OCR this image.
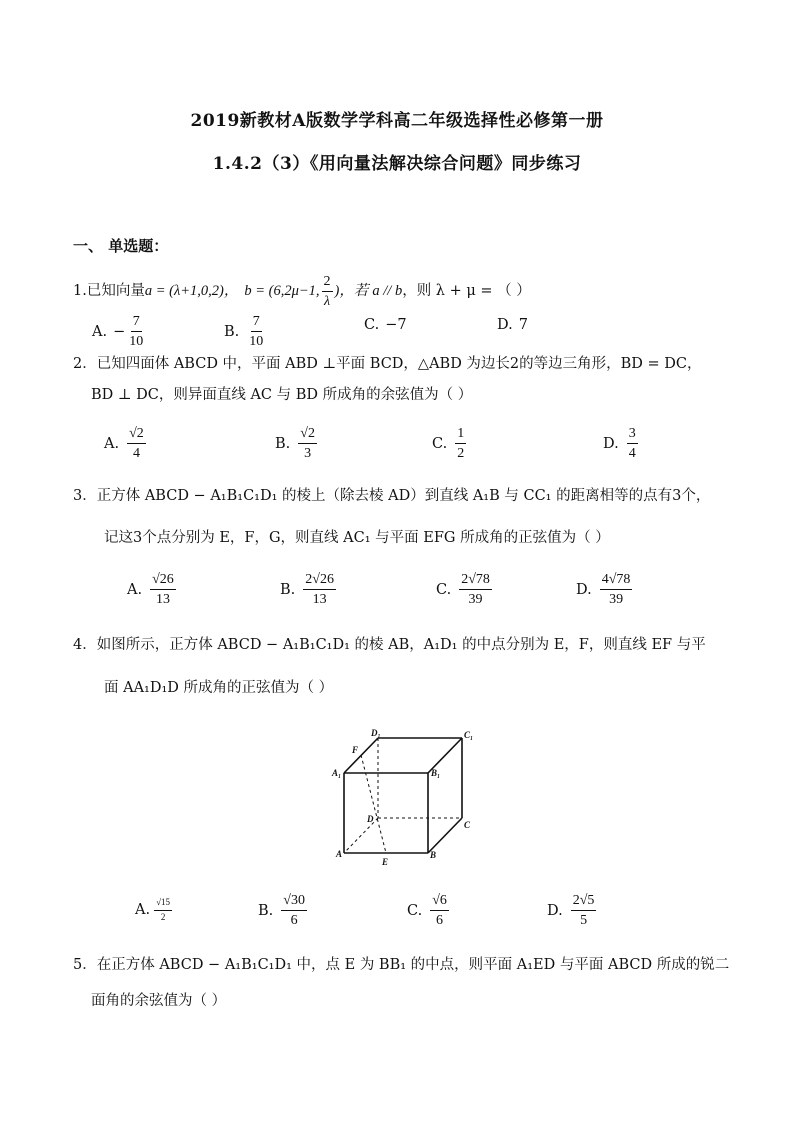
2019新教材A版数学学科高二年级选择性必修第一册
1.4.2（3）《用向量法解决综合问题》同步练习
一、 单选题：
1.已知向量 a = (λ+1,0,2)， b = (6,2μ−1, $\frac{2}{\lambda}$ )，若 a // b ，则 λ + μ = （ ）
A. − $\frac{7}{10}$	B. $\frac{7}{10}$	C. −7	D. 7
2．已知四面体 ABCD 中，平面 ABD ⊥平面 BCD，△ABD 为边长2的等边三角形，BD = DC，
BD ⊥ DC，则异面直线 AC 与 BD 所成角的余弦值为（ ）
A. $\frac{√2}{4}$	B. $\frac{√2}{3}$	C. $\frac{1}{2}$	D. $\frac{3}{4}$
3．正方体 ABCD − A₁B₁C₁D₁ 的棱上（除去棱 AD）到直线 A₁B 与 CC₁ 的距离相等的点有3个，
记这3个点分别为 E，F，G，则直线 AC₁ 与平面 EFG 所成角的正弦值为（ ）
A. $\frac{√26}{13}$	B. $\frac{2√26}{13}$	C. $\frac{2√78}{39}$	D. $\frac{4√78}{39}$
4．如图所示，正方体 ABCD − A₁B₁C₁D₁ 的棱 AB，A₁D₁ 的中点分别为 E，F，则直线 EF 与平
面 AA₁D₁D 所成角的正弦值为（ ）
D₁	C₁
F
A₁	B₁
D
C
A
E
B
A. $\frac{√15}{2}$	B. $\frac{√30}{6}$	C. $\frac{√6}{6}$	D. $\frac{2√5}{5}$
5．在正方体 ABCD − A₁B₁C₁D₁ 中，点 E 为 BB₁ 的中点，则平面 A₁ED 与平面 ABCD 所成的锐二
面角的余弦值为（ ）
